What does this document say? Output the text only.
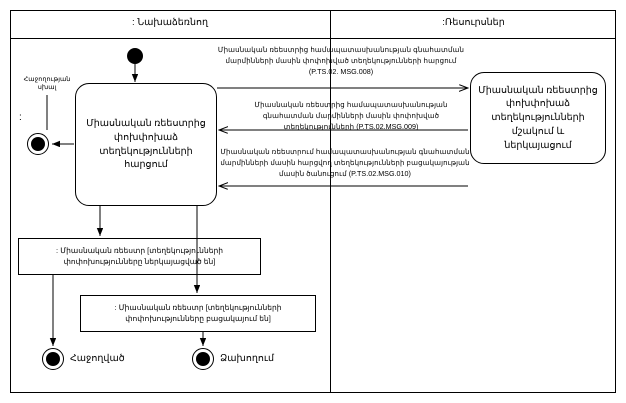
: Նախաձեռնող	:Ռեսուրսներ
Հաջողության սխալ
:
Միասնական ռեեստրից փոխփոխաձ տեղեկությունների հարցում
Միասնական ռեեստրից փոխփոխաձ տեղեկությունների մշակում և ներկայացում
Միասնական ռեեստրից համապատասխանության գնահատման մարմինների մասին փոփոխված տեղեկությունների հարցում (P.TS.02. MSG.008)
Միասնական ռեեստրից համապատասխանության գնահատման մարմինների մասին փոփոխված տեղեկությունների (P.TS.02.MSG.009)
Միասնական ռեեստրում համապատասխանության գնահատման մարմինների մասին հարցվող տեղեկությունների բացակայության մասին ծանուցում (P.TS.02.MSG.010)
: Միասնական ռեեստր [տեղեկությունների փոփոխությունները ներկայացված են]
: Միասնական ռեեստր [տեղեկությունների փոփոխությունները բացակայում են]
Հաջողված	Ձախողում
